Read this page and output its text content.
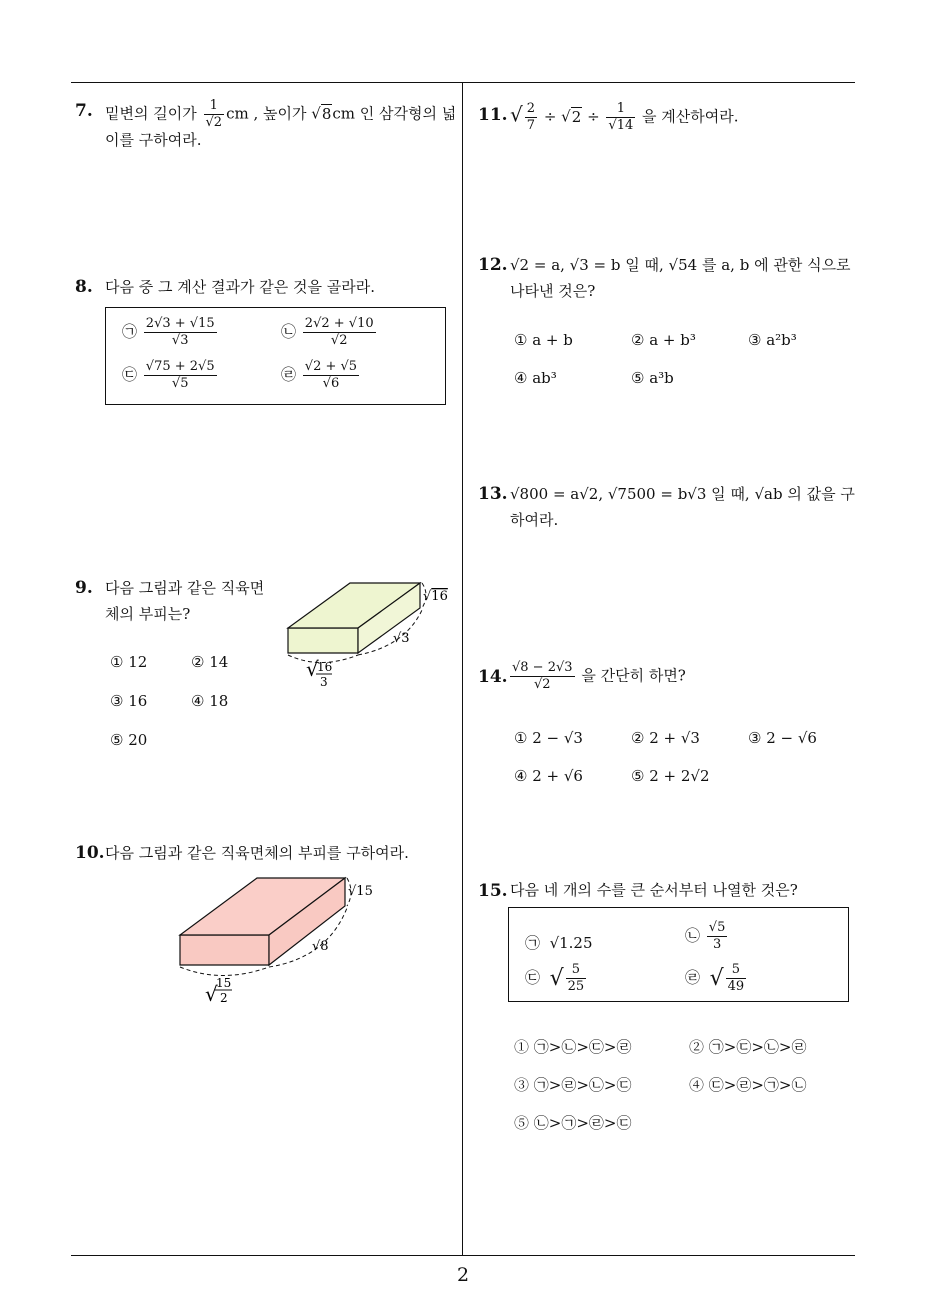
2
7. 밑변의 길이가 $\frac{1}{√2}$ cm , 높이가 √8cm 인 삼각형의 넓
이를 구하여라.
8. 다음 중 그 계산 결과가 같은 것을 골라라.
㉠ $\frac{2√3 + √15}{√3}$	㉡ $\frac{2√2 + √10}{√2}$
㉢ $\frac{√75 + 2√5}{√5}$	㉣ $\frac{√2 + √5}{√6}$
9. 다음 그림과 같은 직육면
체의 부피는?
① 12	② 14
③ 16	④ 18
⑤ 20
√16
√3
√
16
3
10. 다음 그림과 같은 직육면체의 부피를 구하여라.
√15
√8
√
15
2
11. √ $\frac{2}{7} \div √2 \div \frac{1}{√14}$ 을 계산하여라.
12. √2 = a, √3 = b 일 때, √54 를 a, b 에 관한 식으로
나타낸 것은?
① a + b	② a + b³	③ a²b³
④ ab³	⑤ a³b
13. √800 = a√2, √7500 = b√3 일 때, √ab 의 값을 구
하여라.
14. $\frac{√8 - 2√3}{√2}$ 을 간단히 하면?
① 2 − √3	② 2 + √3	③ 2 − √6
④ 2 + √6	⑤ 2 + 2√2
15. 다음 네 개의 수를 큰 순서부터 나열한 것은?
㉠ √1.25	㉡ $\frac{√5}{3}$
㉢ √ $\frac{5}{25}$	㉣ √ $\frac{5}{49}$
① ㉠>㉡>㉢>㉣	② ㉠>㉢>㉡>㉣
③ ㉠>㉣>㉡>㉢	④ ㉢>㉣>㉠>㉡
⑤ ㉡>㉠>㉣>㉢
